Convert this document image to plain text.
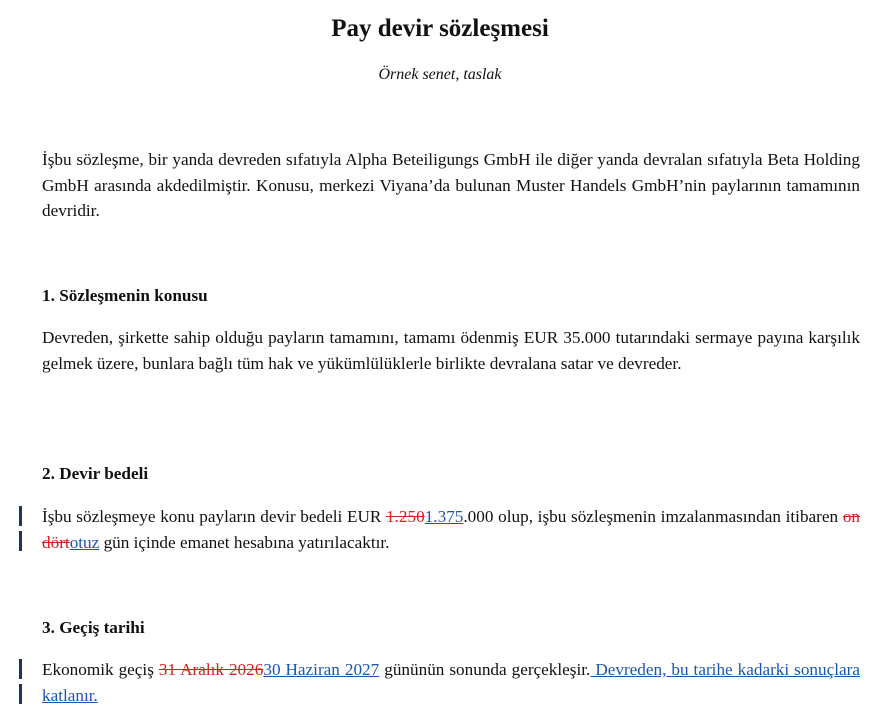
Pay devir sözleşmesi
Örnek senet, taslak

İşbu sözleşme, bir yanda devreden sıfatıyla Alpha Beteiligungs GmbH ile diğer yanda devralan sıfatıyla Beta Holding GmbH arasında akdedilmiştir. Konusu, merkezi Viyana’da bulunan Muster Handels GmbH’nin paylarının tamamının devridir.

1. Sözleşmenin konusu

Devreden, şirkette sahip olduğu payların tamamını, tamamı ödenmiş EUR 35.000 tutarındaki sermaye payına karşılık gelmek üzere, bunlara bağlı tüm hak ve yükümlülüklerle birlikte devralana satar ve devreder.

2. Devir bedeli

İşbu sözleşmeye konu payların devir bedeli EUR 1.2501.375.000 olup, işbu sözleşmenin imzalanmasından itibaren on dörtotuz gün içinde emanet hesabına yatırılacaktır.

3. Geçiş tarihi

Ekonomik geçiş 31 Aralık 202630 Haziran 2027 gününün sonunda gerçekleşir. Devreden, bu tarihe kadarki sonuçlara katlanır.
